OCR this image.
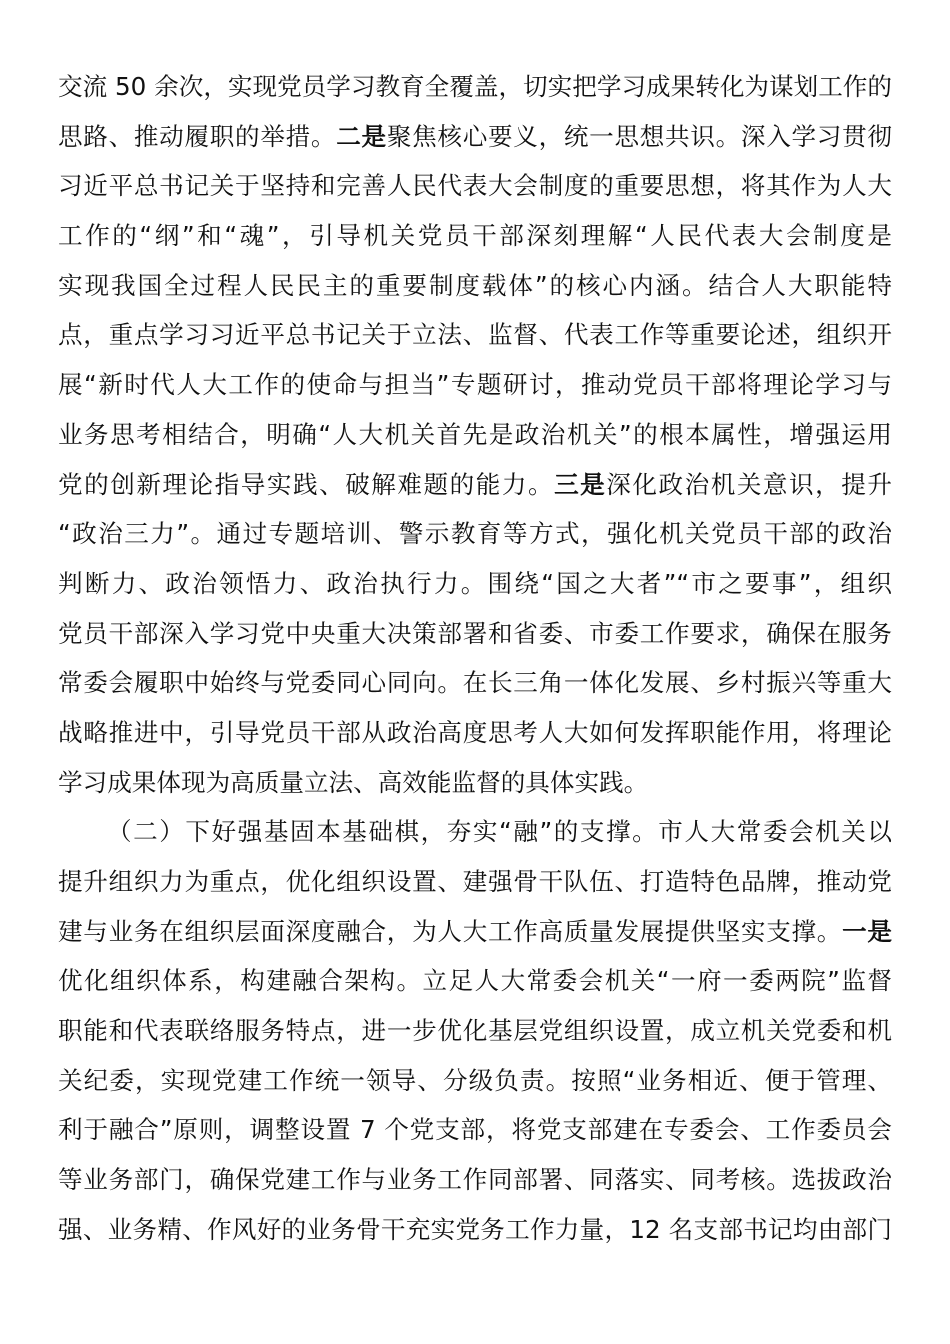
交流 50 余次，实现党员学习教育全覆盖，切实把学习成果转化为谋划工作的
思路、推动履职的举措。二是聚焦核心要义，统一思想共识。深入学习贯彻
习近平总书记关于坚持和完善人民代表大会制度的重要思想，将其作为人大
工作的“纲”和“魂”，引导机关党员干部深刻理解“人民代表大会制度是
实现我国全过程人民民主的重要制度载体”的核心内涵。结合人大职能特
点，重点学习习近平总书记关于立法、监督、代表工作等重要论述，组织开
展“新时代人大工作的使命与担当”专题研讨，推动党员干部将理论学习与
业务思考相结合，明确“人大机关首先是政治机关”的根本属性，增强运用
党的创新理论指导实践、破解难题的能力。三是深化政治机关意识，提升
“政治三力”。通过专题培训、警示教育等方式，强化机关党员干部的政治
判断力、政治领悟力、政治执行力。围绕“国之大者”“市之要事”，组织
党员干部深入学习党中央重大决策部署和省委、市委工作要求，确保在服务
常委会履职中始终与党委同心同向。在长三角一体化发展、乡村振兴等重大
战略推进中，引导党员干部从政治高度思考人大如何发挥职能作用，将理论
学习成果体现为高质量立法、高效能监督的具体实践。
（二）下好强基固本基础棋，夯实“融”的支撑。市人大常委会机关以
提升组织力为重点，优化组织设置、建强骨干队伍、打造特色品牌，推动党
建与业务在组织层面深度融合，为人大工作高质量发展提供坚实支撑。一是
优化组织体系，构建融合架构。立足人大常委会机关“一府一委两院”监督
职能和代表联络服务特点，进一步优化基层党组织设置，成立机关党委和机
关纪委，实现党建工作统一领导、分级负责。按照“业务相近、便于管理、
利于融合”原则，调整设置 7 个党支部，将党支部建在专委会、工作委员会
等业务部门，确保党建工作与业务工作同部署、同落实、同考核。选拔政治
强、业务精、作风好的业务骨干充实党务工作力量，12 名支部书记均由部门
